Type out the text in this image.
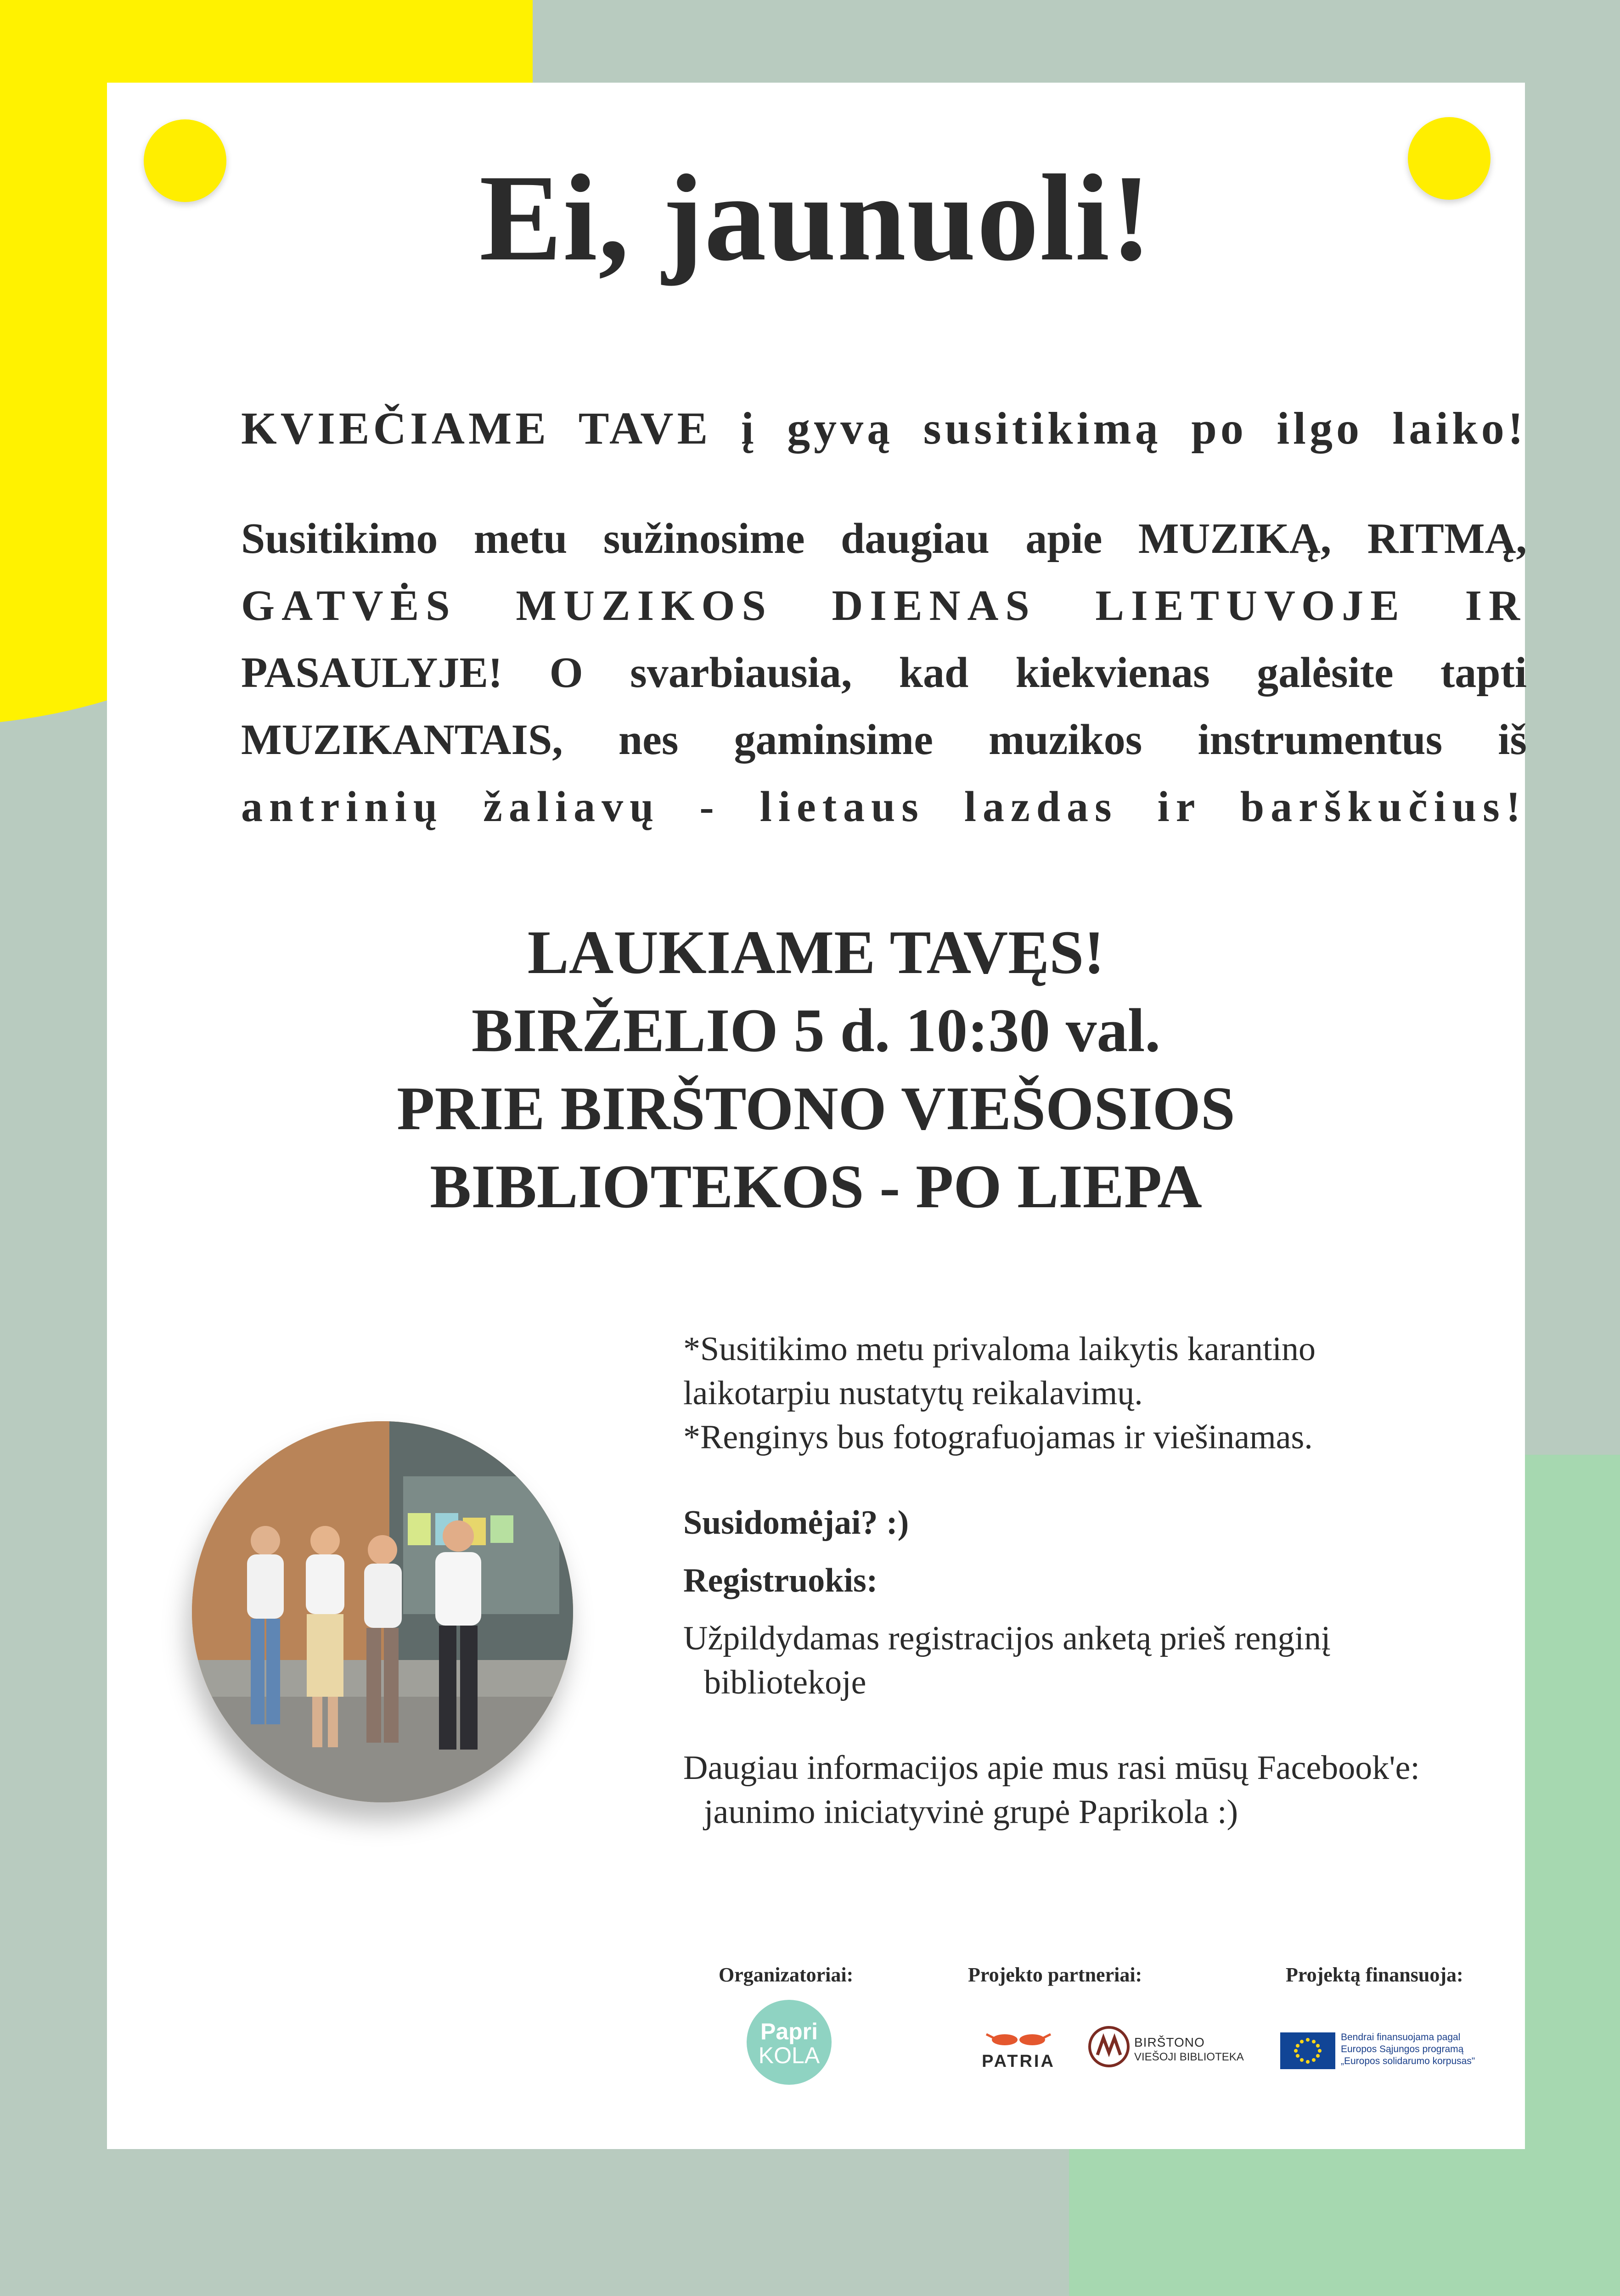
Ei, jaunuoli!
KVIEČIAME TAVE į gyvą susitikimą po ilgo laiko!
Susitikimo metu sužinosime daugiau apie MUZIKĄ, RITMĄ,
GATVĖS MUZIKOS DIENAS LIETUVOJE IR
PASAULYJE! O svarbiausia, kad kiekvienas galėsite tapti
MUZIKANTAIS, nes gaminsime muzikos instrumentus iš
antrinių žaliavų - lietaus lazdas ir barškučius!
LAUKIAME TAVĘS!
BIRŽELIO 5 d. 10:30 val.
PRIE BIRŠTONO VIEŠOSIOS
BIBLIOTEKOS - PO LIEPA
*Susitikimo metu privaloma laikytis karantino
laikotarpiu nustatytų reikalavimų.
*Renginys bus fotografuojamas ir viešinamas.
Susidomėjai? :)
Registruokis:
Užpildydamas registracijos anketą prieš renginį
bibliotekoje
Daugiau informacijos apie mus rasi mūsų Facebook'e:
jaunimo iniciatyvinė grupė Paprikola :)
Organizatoriai:	Projekto partneriai:	Projektą finansuoja:
Papri
KOLA	PATRIA
BIRŠTONO
VIEŠOJI BIBLIOTEKA
Bendrai finansuojama pagal
Europos Sąjungos programą
„Europos solidarumo korpusas"
